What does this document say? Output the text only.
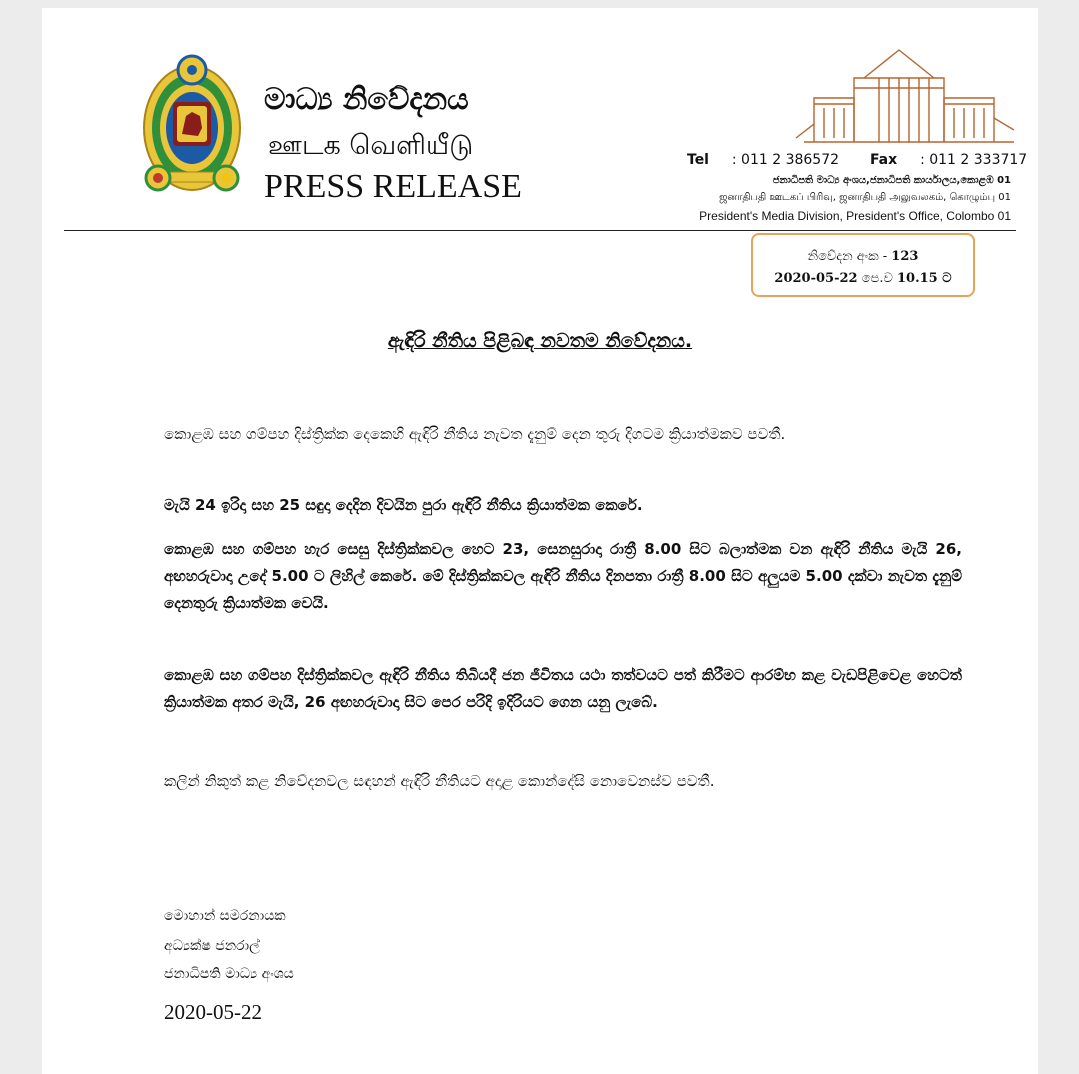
මාධ්‍ය නිවේදනය
ஊடக வெளியீடு
PRESS RELEASE
Tel : 011 2 386572 Fax : 011 2 333717
ජනාධිපති මාධ්‍ය අංශය,ජනාධිපති කාර්යාලය,කොළඹ 01
ஜனாதிபதி ஊடகப் பிரிவு, ஜனாதிபதி அலுவலகம், கொழும்பு 01
President's Media Division, President's Office, Colombo 01
නිවේදන අංක - 123
2020-05-22 පෙ.ව 10.15 ට
ඇඳිරි නීතිය පිළිබඳ නවතම නිවේදනය.
කොළඹ සහ ගම්පහ දිස්ත්‍රික්ක දෙකෙහි ඇඳිරි නීතිය නැවත දැනුම් දෙන තුරු දිගටම ක්‍රියාත්මකව පවතී.
මැයි 24 ඉරිදා සහ 25 සඳුදා දෙදින දිවයින පුරා ඇඳිරි නීතිය ක්‍රියාත්මක කෙරේ.
කොළඹ සහ ගම්පහ හැර සෙසු දිස්ත්‍රික්කවල හෙට 23, සෙනසුරාදා රාත්‍රී 8.00 සිට බලාත්මක වන ඇඳිරි නීතිය මැයි 26, අඟහරුවාදා උදේ 5.00 ට ලිහිල් කෙරේ. මේ දිස්ත්‍රික්කවල ඇඳිරි නීතිය දිනපතා රාත්‍රී 8.00 සිට අලුයම 5.00 දක්වා නැවත දැනුම් දෙනතුරු ක්‍රියාත්මක වෙයි.
කොළඹ සහ ගම්පහ දිස්ත්‍රික්කවල ඇඳිරි නීතිය තිබියදී ජන ජීවිතය යථා තත්වයට පත් කිරීමට ආරම්භ කළ වැඩපිළිවෙළ හෙටත් ක්‍රියාත්මක අතර මැයි, 26 අඟහරුවාදා සිට පෙර පරිදි ඉදිරියට ගෙන යනු ලැබේ.
කලින් නිකුත් කළ නිවේදනවල සඳහන් ඇඳිරි නීතියට අදාළ කොන්දේසි නොවෙනස්ව පවතී.
මොහාන් සමරනායක
අධ්‍යක්ෂ ජනරාල්
ජනාධිපති මාධ්‍ය අංශය
2020-05-22
